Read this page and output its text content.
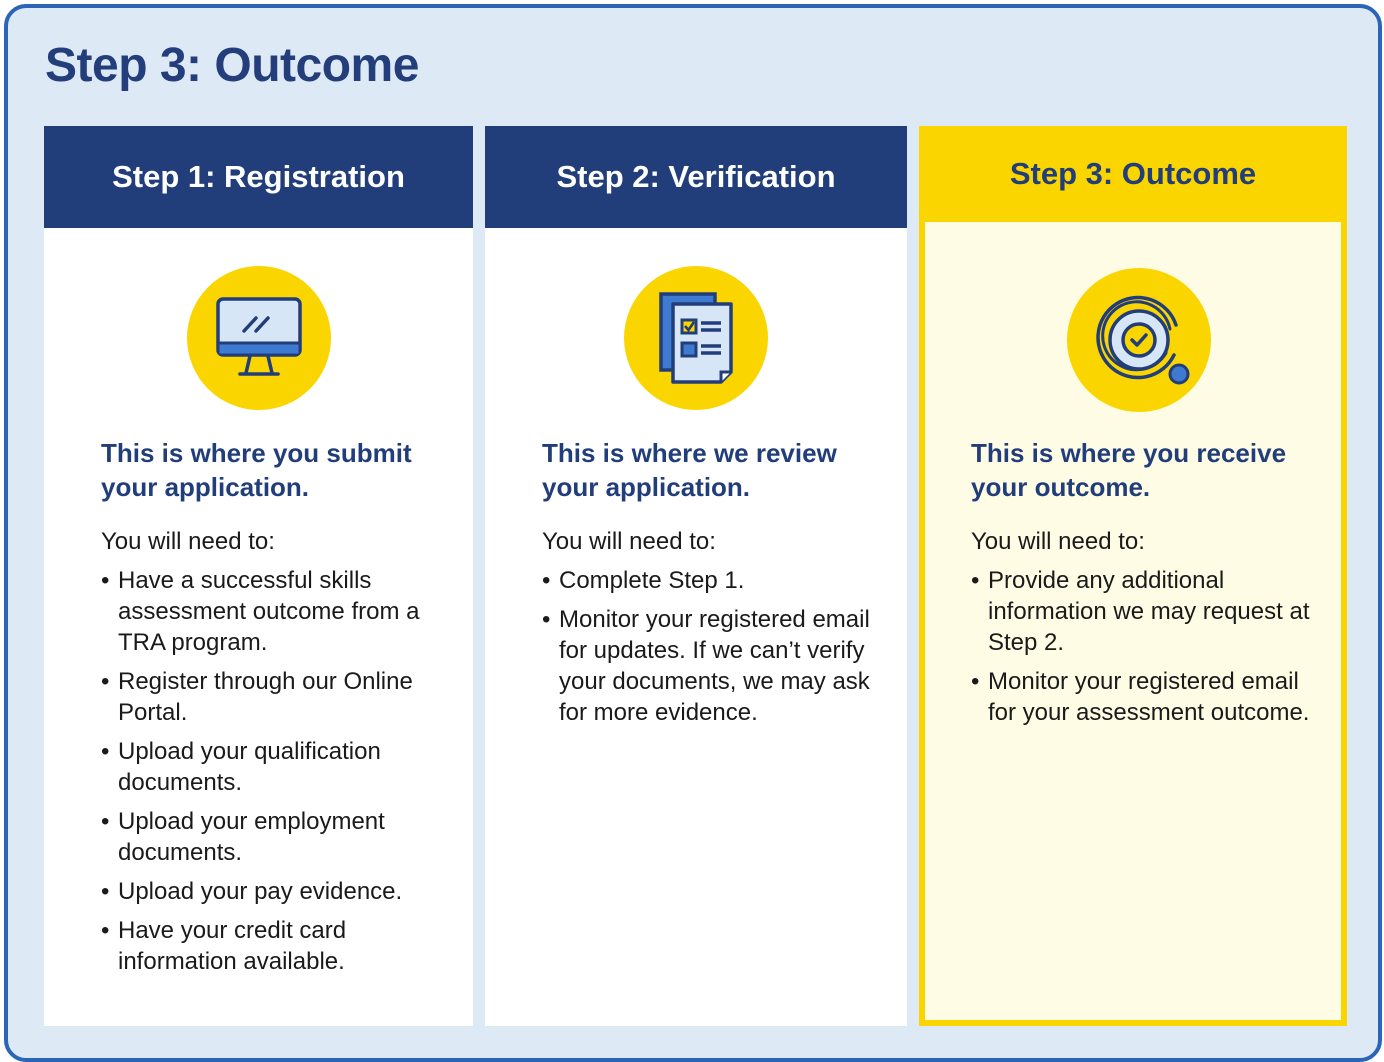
Step 3: Outcome
Step 1: Registration

This is where you submit your application.

You will need to:

• Have a successful skills assessment outcome from a TRA program.
• Register through our Online Portal.
• Upload your qualification documents.
• Upload your employment documents.
• Upload your pay evidence.
• Have your credit card information available.
Step 2: Verification

This is where we review your application.

You will need to:

• Complete Step 1.
• Monitor your registered email for updates. If we can’t verify your documents, we may ask for more evidence.
Step 3: Outcome

This is where you receive your outcome.

You will need to:

• Provide any additional information we may request at Step 2.
• Monitor your registered email for your assessment outcome.
